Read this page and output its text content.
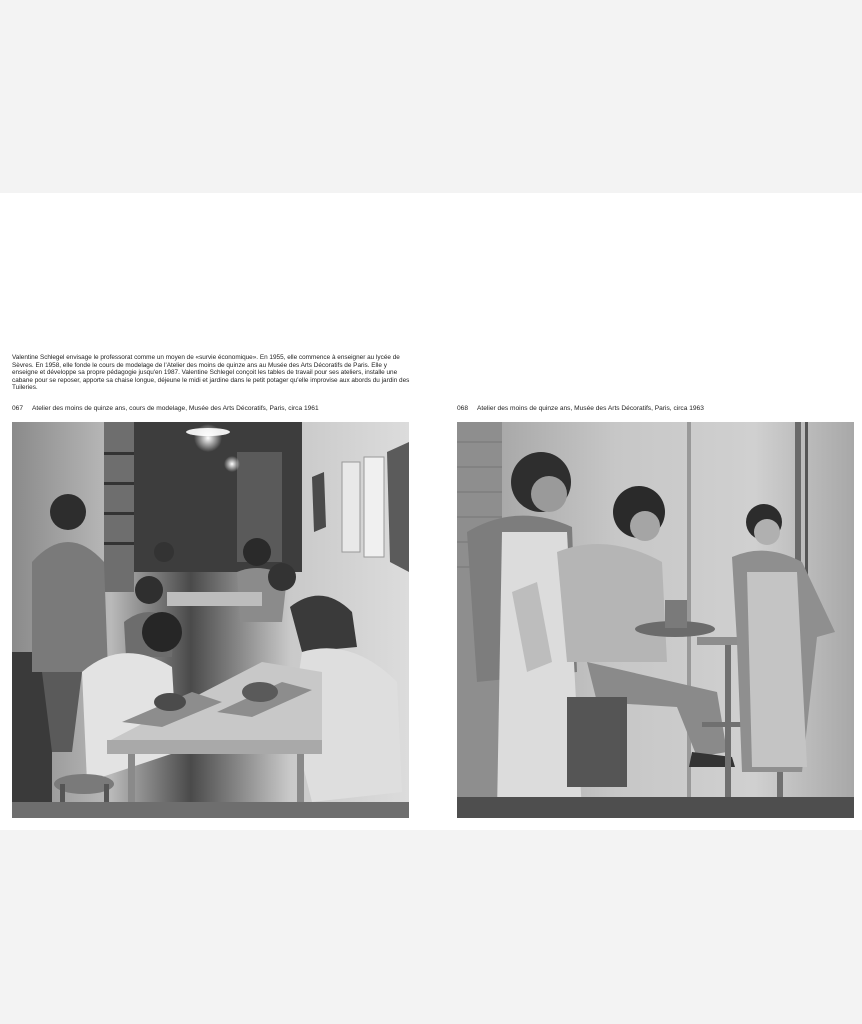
Valentine Schlegel envisage le professorat comme un moyen de «survie économique». En 1955, elle commence à enseigner au lycée de Sèvres. En 1958, elle fonde le cours de modelage de l'Atelier des moins de quinze ans au Musée des Arts Décoratifs de Paris. Elle y enseigne et développe sa propre pédagogie jusqu'en 1987. Valentine Schlegel conçoit les tables de travail pour ses ateliers, installe une cabane pour se reposer, apporte sa chaise longue, déjeune le midi et jardine dans le petit potager qu'elle improvise aux abords du jardin des Tuileries.

067 Atelier des moins de quinze ans, cours de modelage, Musée des Arts Décoratifs, Paris, circa 1961	068 Atelier des moins de quinze ans, Musée des Arts Décoratifs, Paris, circa 1963
